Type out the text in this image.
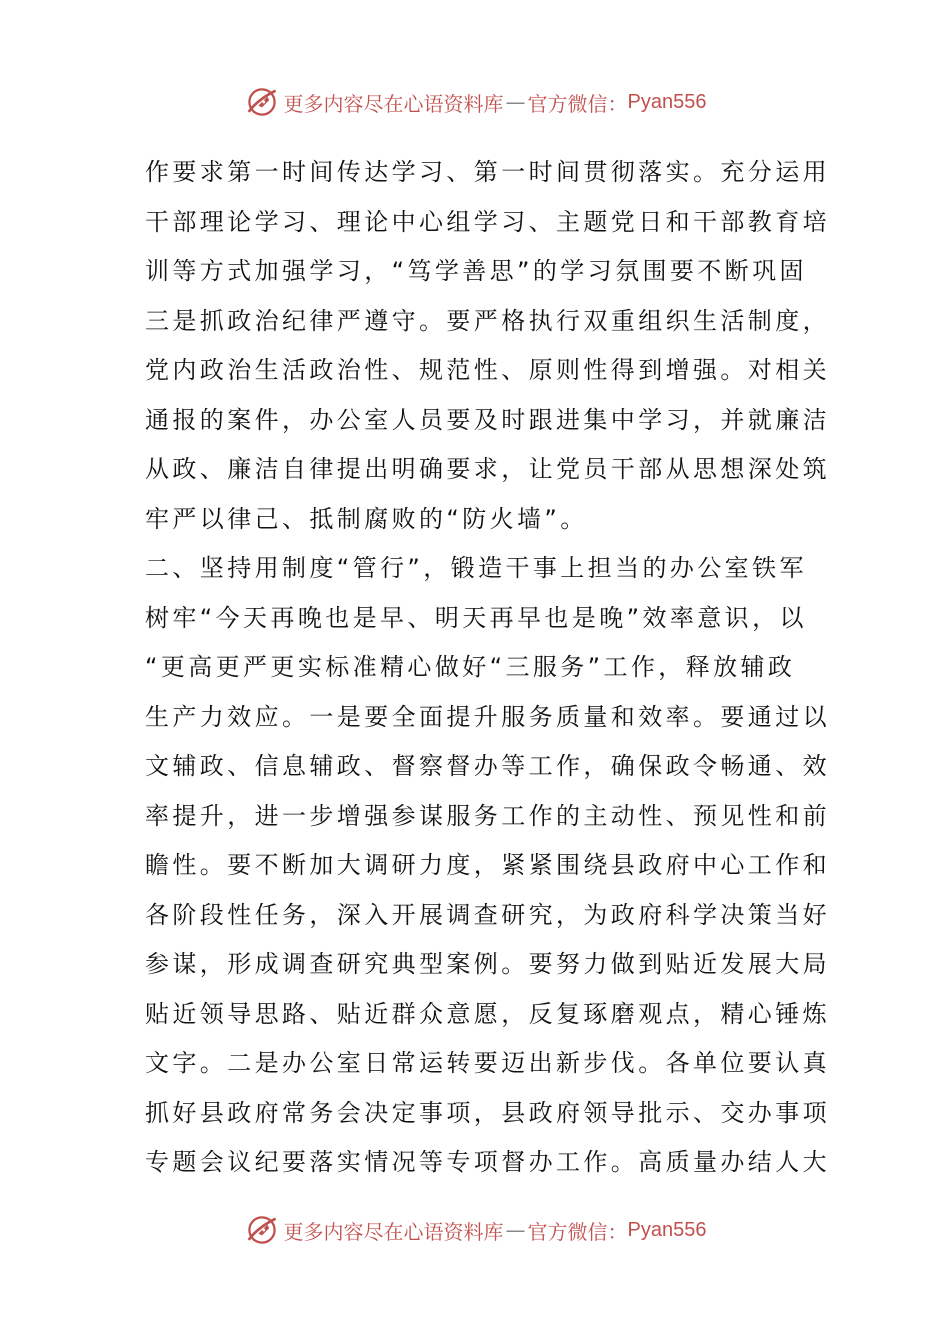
更多内容尽在心语资料库 — 官方微信： Pyan556
作要求第一时间传达学习、第一时间贯彻落实。充分运用
干部理论学习、理论中心组学习、主题党日和干部教育培
训等方式加强学习，“笃学善思”的学习氛围要不断巩固
三是抓政治纪律严遵守。要严格执行双重组织生活制度，
党内政治生活政治性、规范性、原则性得到增强。对相关
通报的案件，办公室人员要及时跟进集中学习，并就廉洁
从政、廉洁自律提出明确要求，让党员干部从思想深处筑
牢严以律己、抵制腐败的“防火墙”。
二、坚持用制度“管行”，锻造干事上担当的办公室铁军
树牢“今天再晚也是早、明天再早也是晚”效率意识，以
“更高更严更实标准精心做好“三服务”工作，释放辅政
生产力效应。一是要全面提升服务质量和效率。要通过以
文辅政、信息辅政、督察督办等工作，确保政令畅通、效
率提升，进一步增强参谋服务工作的主动性、预见性和前
瞻性。要不断加大调研力度，紧紧围绕县政府中心工作和
各阶段性任务，深入开展调查研究，为政府科学决策当好
参谋，形成调查研究典型案例。要努力做到贴近发展大局
贴近领导思路、贴近群众意愿，反复琢磨观点，精心锤炼
文字。二是办公室日常运转要迈出新步伐。各单位要认真
抓好县政府常务会决定事项，县政府领导批示、交办事项
专题会议纪要落实情况等专项督办工作。高质量办结人大
更多内容尽在心语资料库 — 官方微信： Pyan556
